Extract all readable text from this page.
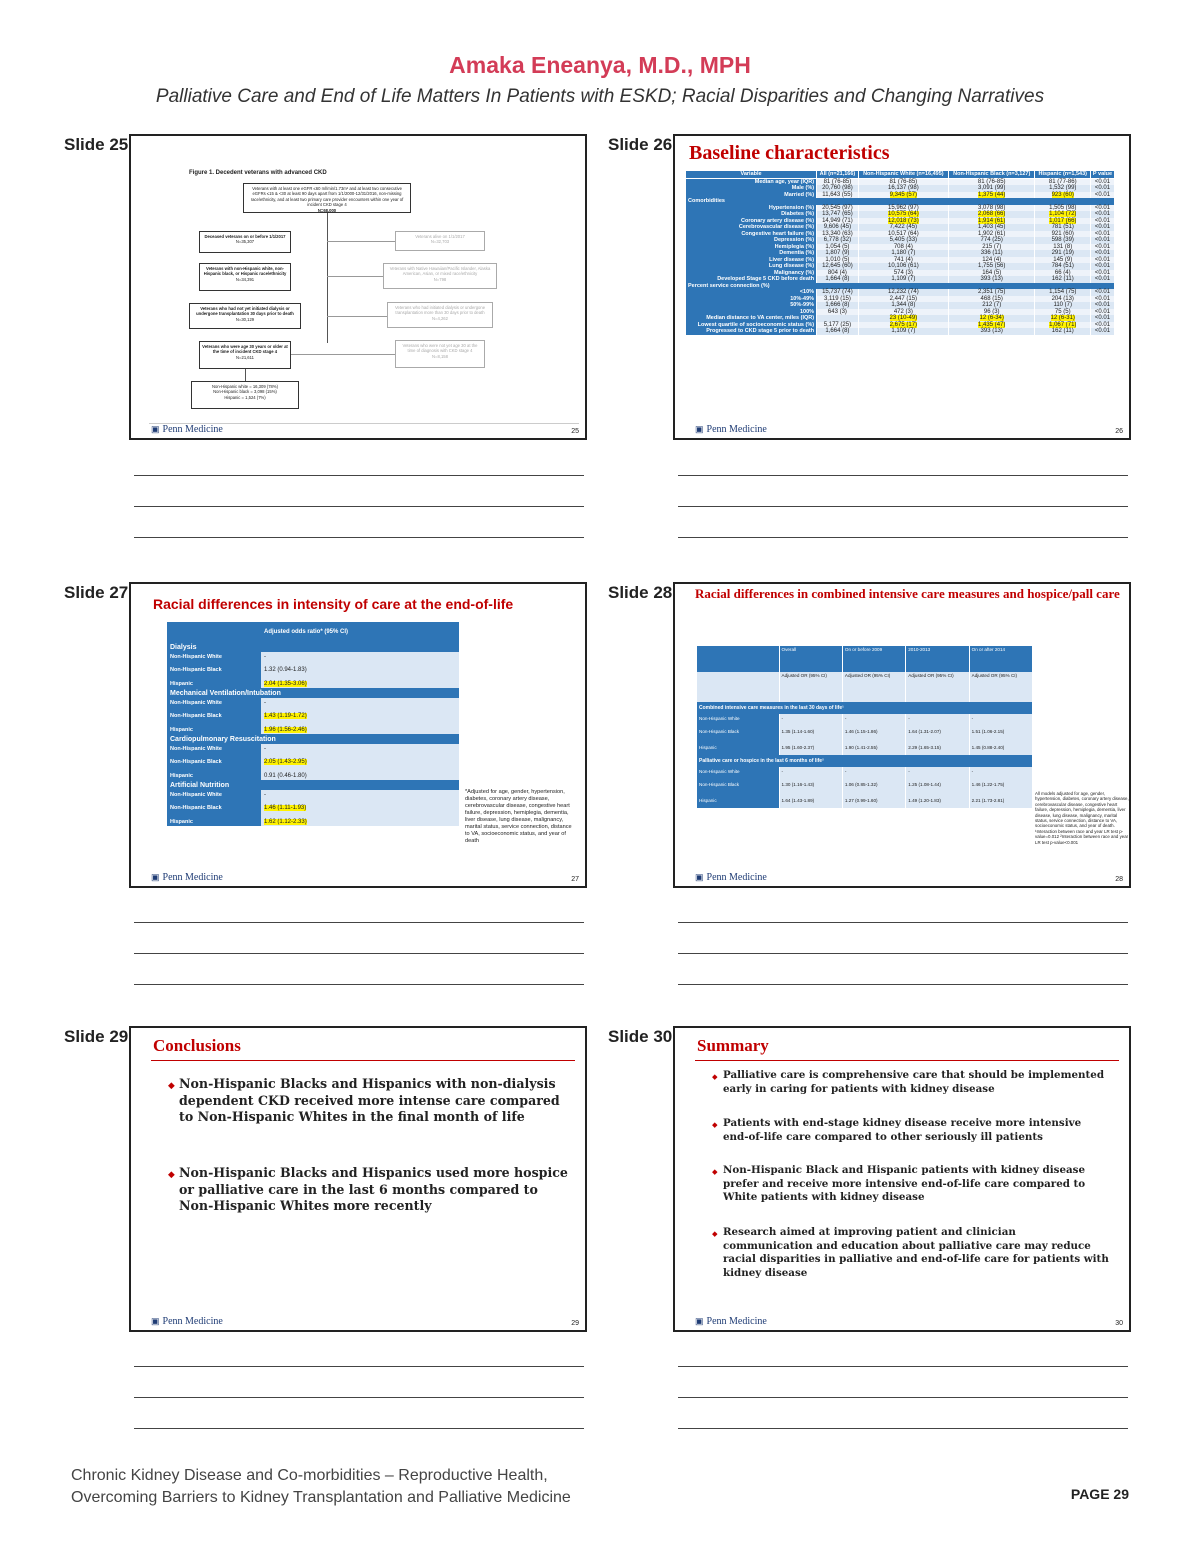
Amaka Eneanya, M.D., MPH
Palliative Care and End of Life Matters In Patients with ESKD; Racial Disparities and Changing Narratives
Slide 25
Figure 1. Decedent veterans with advanced CKD
Veterans with at least one eGFR ≤60 ml/min/1.73m² and at least two consecutive eGFRs ≤15 & <30 at least 90 days apart from 1/1/2000-12/31/2016, non-missing race/ethnicity, and at least two primary care provider encounters within one year of incident CKD stage 4
N=68,000
Deceased veterans on or before 1/1/2017
N=35,307
Veterans alive on 1/1/2017
N=32,703
Veterans with non-Hispanic white, non-Hispanic black, or Hispanic race/ethnicity
N=34,391
Veterans with Native Hawaiian/Pacific Islander, Alaska American, Asian, or mixed race/ethnicity
N=798
Veterans who had not yet initiated dialysis or undergone transplantation 30 days prior to death
N=30,129
Veterans who had initiated dialysis or undergone transplantation more than 30 days prior to death
N=4,262
Veterans who were age 30 years or older at the time of incident CKD stage 4
N=21,611
Veterans who were not yet age 30 at the time of diagnosis with CKD stage 4
N=8,158
Non-Hispanic white = 16,309 (78%)
Non-Hispanic black = 3,098 (15%)
Hispanic = 1,524 (7%)
▣ Penn Medicine	25
Slide 26 Baseline characteristics
Variable	All (n=21,166)	Non-Hispanic White (n=16,495)	Non-Hispanic Black (n=3,127)	Hispanic (n=1,543)	P value
Median age, year (IQR)	81 (76-85)	81 (76-85)	81 (76-85)	81 (77-86)	<0.01
Male (%)	20,760 (98)	16,137 (98)	3,091 (99)	1,532 (99)	<0.01
Married (%)	11,643 (55)	9,345 (57)	1,375 (44)	923 (60)	<0.01
Comorbidities					
Hypertension (%)	20,545 (97)	15,962 (97)	3,078 (98)	1,505 (98)	<0.01
Diabetes (%)	13,747 (65)	10,575 (64)	2,068 (66)	1,104 (72)	<0.01
Coronary artery disease (%)	14,949 (71)	12,018 (73)	1,914 (61)	1,017 (66)	<0.01
Cerebrovascular disease (%)	9,606 (45)	7,422 (45)	1,403 (45)	781 (51)	<0.01
Congestive heart failure (%)	13,340 (63)	10,517 (64)	1,902 (61)	921 (60)	<0.01
Depression (%)	6,778 (32)	5,405 (33)	774 (25)	598 (39)	<0.01
Hemiplegia (%)	1,054 (5)	708 (4)	215 (7)	131 (8)	<0.01
Dementia (%)	1,807 (9)	1,180 (7)	336 (11)	291 (19)	<0.01
Liver disease (%)	1,010 (5)	741 (4)	124 (4)	145 (9)	<0.01
Lung disease (%)	12,645 (60)	10,106 (61)	1,755 (56)	784 (51)	<0.01
Malignancy (%)	804 (4)	574 (3)	164 (5)	66 (4)	<0.01
Developed Stage 5 CKD before death	1,664 (8)	1,109 (7)	393 (13)	162 (11)	<0.01
Percent service connection (%)					
<10%	15,737 (74)	12,232 (74)	2,351 (75)	1,154 (75)	<0.01
10%-49%	3,119 (15)	2,447 (15)	468 (15)	204 (13)	<0.01
50%-99%	1,666 (8)	1,344 (8)	212 (7)	110 (7)	<0.01
100%	643 (3)	472 (3)	96 (3)	75 (5)	<0.01
Median distance to VA center, miles (IQR)		23 (10-49)	12 (6-34)	12 (6-31)	<0.01
Lowest quartile of socioeconomic status (%)	5,177 (25)	2,675 (17)	1,435 (47)	1,067 (71)	<0.01
Progressed to CKD stage 5 prior to death	1,664 (8)	1,109 (7)	393 (13)	162 (11)	<0.01
▣ Penn Medicine	26
Slide 27
Racial differences in intensity of care at the end-of-life
	Adjusted odds ratio* (95% CI)
Dialysis	
Non-Hispanic White	-
Non-Hispanic Black	1.32 (0.94-1.83)
Hispanic	2.04 (1.35-3.06)
Mechanical Ventilation/Intubation	
Non-Hispanic White	-
Non-Hispanic Black	1.43 (1.19-1.72)
Hispanic	1.96 (1.56-2.46)
Cardiopulmonary Resuscitation	
Non-Hispanic White	-
Non-Hispanic Black	2.05 (1.43-2.95)
Hispanic	0.91 (0.46-1.80)
Artificial Nutrition	
Non-Hispanic White	-
Non-Hispanic Black	1.46 (1.11-1.93)
Hispanic	1.62 (1.12-2.33)
*Adjusted for age, gender, hypertension, diabetes, coronary artery disease, cerebrovascular disease, congestive heart failure, depression, hemiplegia, dementia, liver disease, lung disease, malignancy, marital status, service connection, distance to VA, socioeconomic status, and year of death
▣ Penn Medicine	27
Slide 28 Racial differences in combined intensive care measures and hospice/pall care
	Overall	On or before 2009	2010-2013	On or after 2014
	Adjusted OR (95% CI)	Adjusted OR (95% CI)	Adjusted OR (95% CI)	Adjusted OR (95% CI)
Combined intensive care measures in the last 30 days of life¹				
Non-Hispanic White	-	-	-	-
Non-Hispanic Black	1.35 (1.14-1.60)	1.46 (1.15-1.86)	1.64 (1.31-2.07)	1.51 (1.06-2.15)
Hispanic	1.95 (1.60-2.37)	1.90 (1.41-2.55)	2.29 (1.65-3.15)	1.45 (0.88-2.40)
Palliative care or hospice in the last 6 months of life²				
Non-Hispanic White	-	-	-	-
Non-Hispanic Black	1.30 (1.16-1.43)	1.06 (0.85-1.32)	1.25 (1.08-1.44)	1.46 (1.22-1.75)
Hispanic	1.64 (1.43-1.89)	1.27 (0.99-1.60)	1.49 (1.20-1.83)	2.21 (1.73-2.81)
All models adjusted for age, gender, hypertension, diabetes, coronary artery disease, cerebrovascular disease, congestive heart failure, depression, hemiplegia, dementia, liver disease, lung disease, malignancy, marital status, service connection, distance to VA, socioeconomic status, and year of death. ¹Interaction between race and year LR test p-value=0.012 ²Interaction between race and year LR test p-value<0.001
▣ Penn Medicine	28
Slide 29 Conclusions
◆ Non-Hispanic Blacks and Hispanics with non-dialysis dependent CKD received more intense care compared to Non-Hispanic Whites in the final month of life
◆ Non-Hispanic Blacks and Hispanics used more hospice or palliative care in the last 6 months compared to Non-Hispanic Whites more recently
▣ Penn Medicine	29
Slide 30 Summary
◆ Palliative care is comprehensive care that should be implemented early in caring for patients with kidney disease
◆ Patients with end-stage kidney disease receive more intensive end-of-life care compared to other seriously ill patients
◆ Non-Hispanic Black and Hispanic patients with kidney disease prefer and receive more intensive end-of-life care compared to White patients with kidney disease
◆ Research aimed at improving patient and clinician communication and education about palliative care may reduce racial disparities in palliative and end-of-life care for patients with kidney disease
▣ Penn Medicine	30
Chronic Kidney Disease and Co-morbidities – Reproductive Health,
Overcoming Barriers to Kidney Transplantation and Palliative Medicine	PAGE 29
